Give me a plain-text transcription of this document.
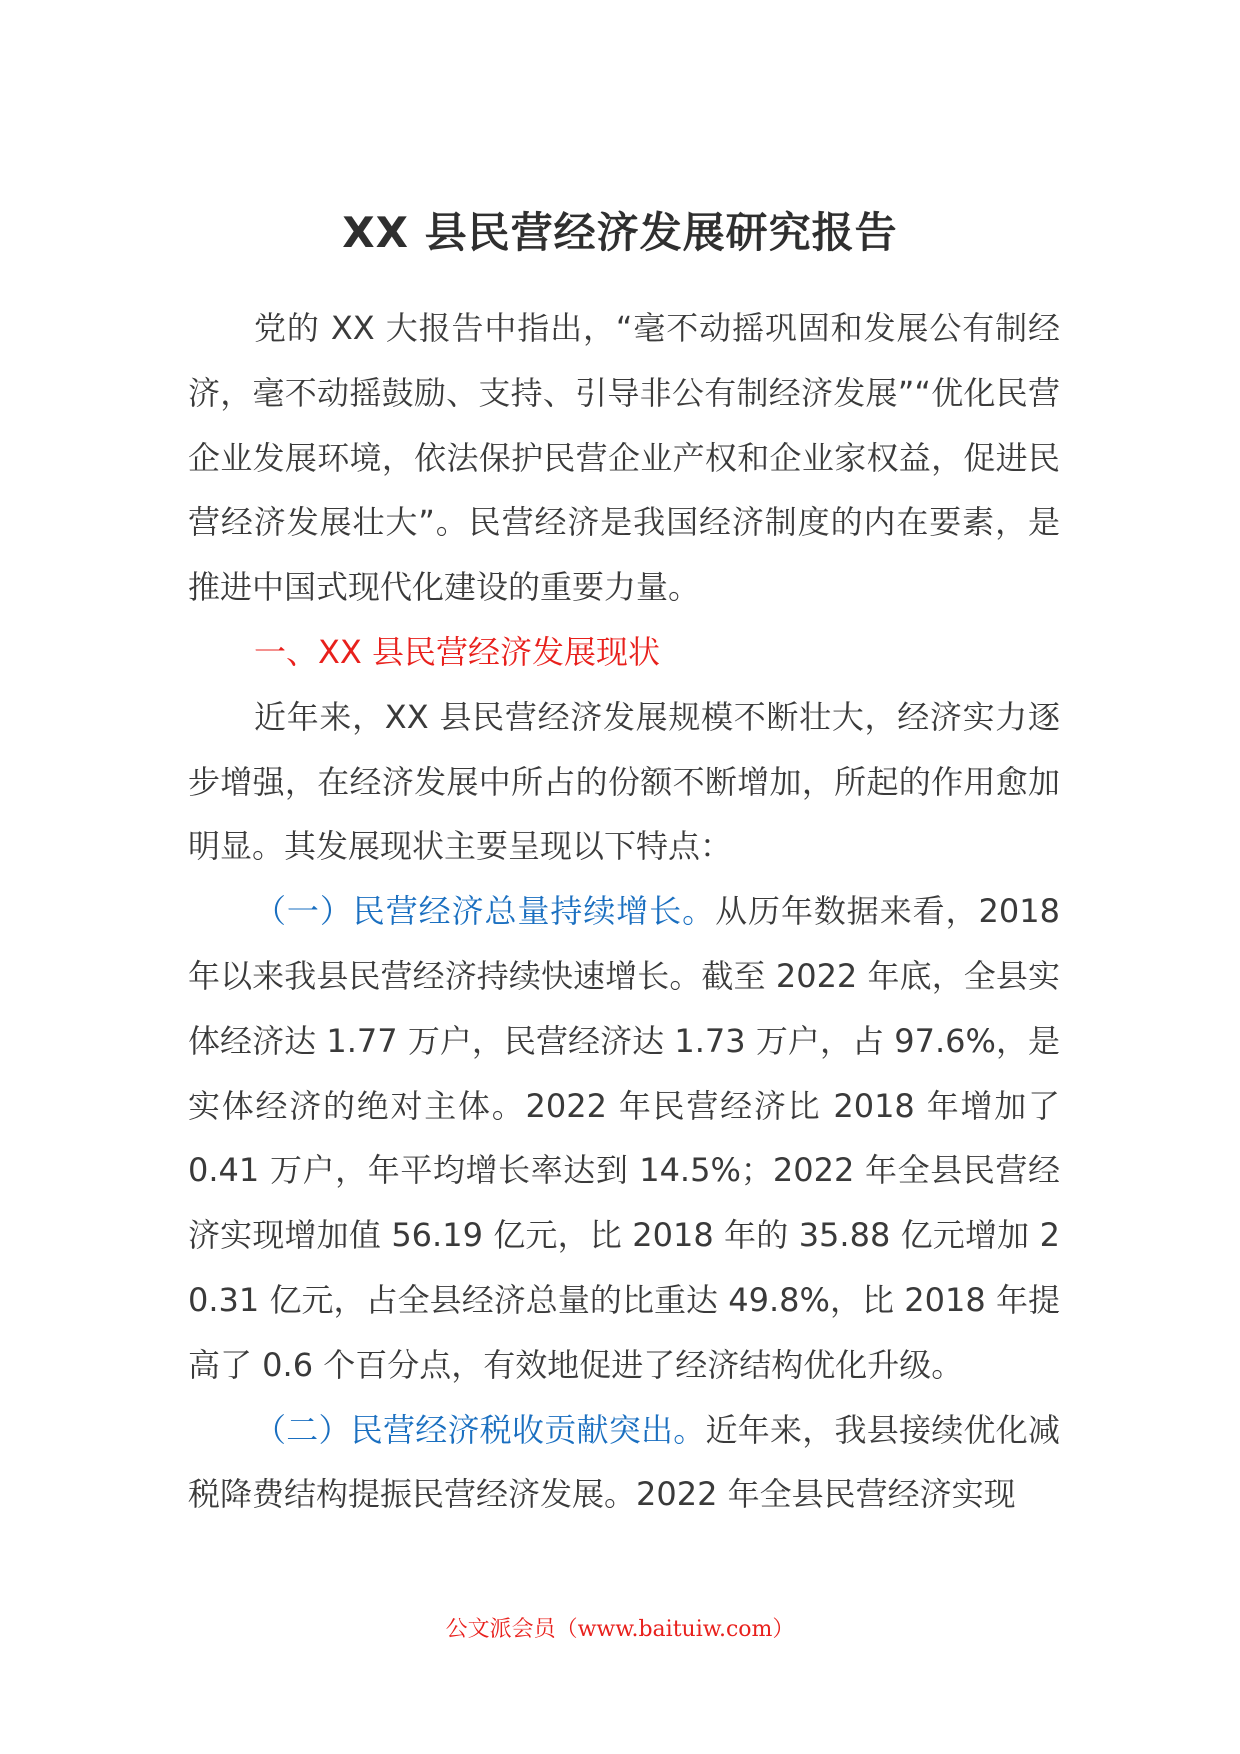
XX 县民营经济发展研究报告

党的 XX 大报告中指出，“毫不动摇巩固和发展公有制经济，毫不动摇鼓励、支持、引导非公有制经济发展”“优化民营企业发展环境，依法保护民营企业产权和企业家权益，促进民营经济发展壮大”。民营经济是我国经济制度的内在要素，是推进中国式现代化建设的重要力量。

一、XX 县民营经济发展现状

近年来，XX 县民营经济发展规模不断壮大，经济实力逐步增强，在经济发展中所占的份额不断增加，所起的作用愈加明显。其发展现状主要呈现以下特点：

（一）民营经济总量持续增长。从历年数据来看，2018 年以来我县民营经济持续快速增长。截至 2022 年底，全县实体经济达 1.77 万户，民营经济达 1.73 万户，占 97.6%，是实体经济的绝对主体。2022 年民营经济比 2018 年增加了 0.41 万户，年平均增长率达到 14.5%；2022 年全县民营经济实现增加值 56.19 亿元，比 2018 年的 35.88 亿元增加 20.31 亿元，占全县经济总量的比重达 49.8%，比 2018 年提高了 0.6 个百分点，有效地促进了经济结构优化升级。

（二）民营经济税收贡献突出。近年来，我县接续优化减税降费结构提振民营经济发展。2022 年全县民营经济实现

公文派会员（www.baituiw.com）
